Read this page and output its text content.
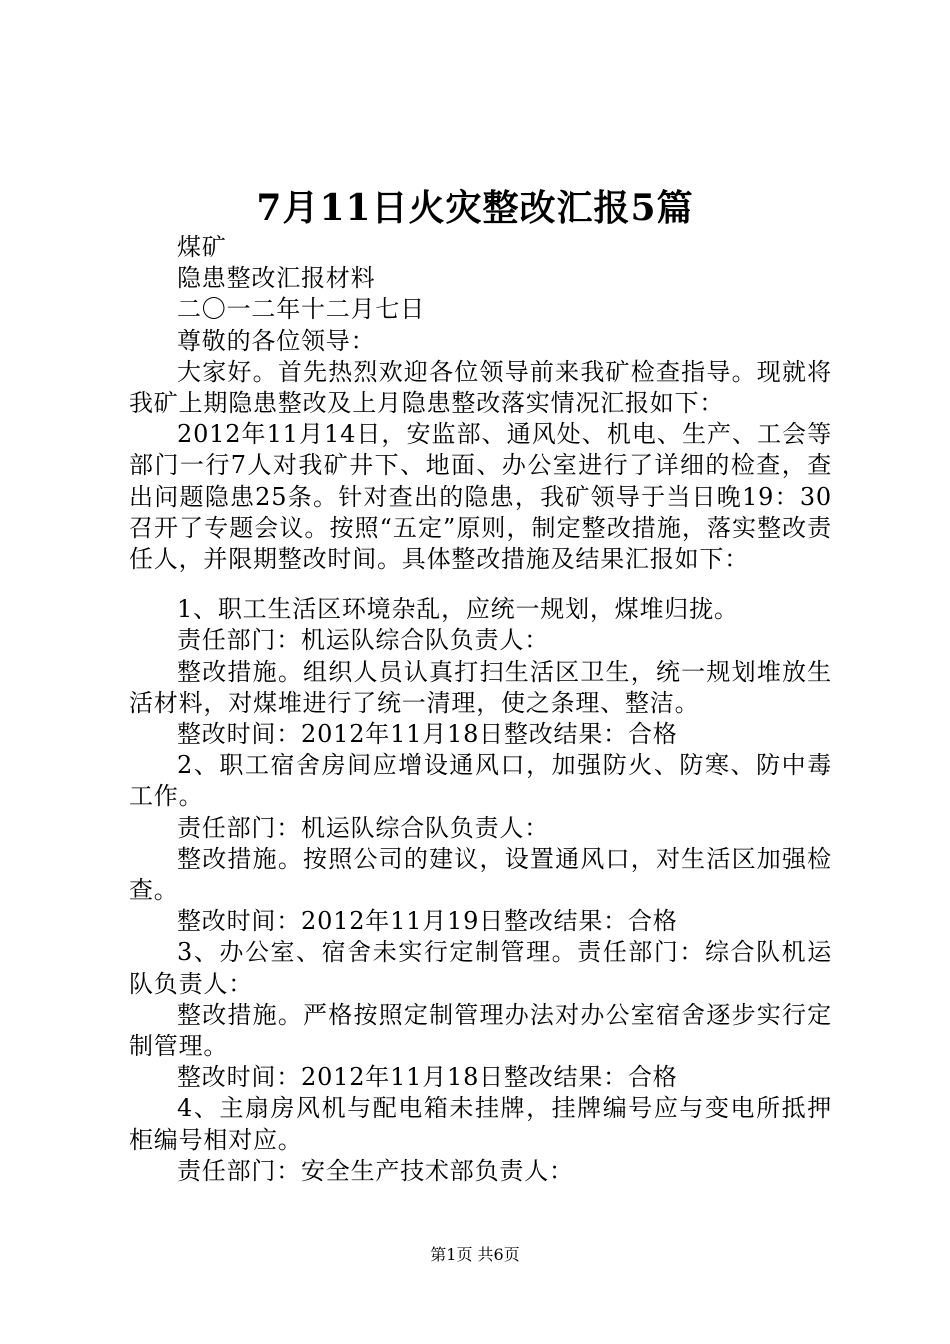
7月11日火灾整改汇报5篇

煤矿

隐患整改汇报材料

二〇一二年十二月七日

尊敬的各位领导：

大家好。首先热烈欢迎各位领导前来我矿检查指导。现就将我矿上期隐患整改及上月隐患整改落实情况汇报如下：

2012年11月14日，安监部、通风处、机电、生产、工会等部门一行7人对我矿井下、地面、办公室进行了详细的检查，查出问题隐患25条。针对查出的隐患，我矿领导于当日晚19：30召开了专题会议。按照“五定”原则，制定整改措施，落实整改责任人，并限期整改时间。具体整改措施及结果汇报如下：

1、职工生活区环境杂乱，应统一规划，煤堆归拢。

责任部门：机运队综合队负责人：

整改措施。组织人员认真打扫生活区卫生，统一规划堆放生活材料，对煤堆进行了统一清理，使之条理、整洁。

整改时间：2012年11月18日整改结果：合格

2、职工宿舍房间应增设通风口，加强防火、防寒、防中毒工作。

责任部门：机运队综合队负责人：

整改措施。按照公司的建议，设置通风口，对生活区加强检查。

整改时间：2012年11月19日整改结果：合格

3、办公室、宿舍未实行定制管理。责任部门：综合队机运队负责人：

整改措施。严格按照定制管理办法对办公室宿舍逐步实行定制管理。

整改时间：2012年11月18日整改结果：合格

4、主扇房风机与配电箱未挂牌，挂牌编号应与变电所抵押柜编号相对应。

责任部门：安全生产技术部负责人：

第1页 共6页
